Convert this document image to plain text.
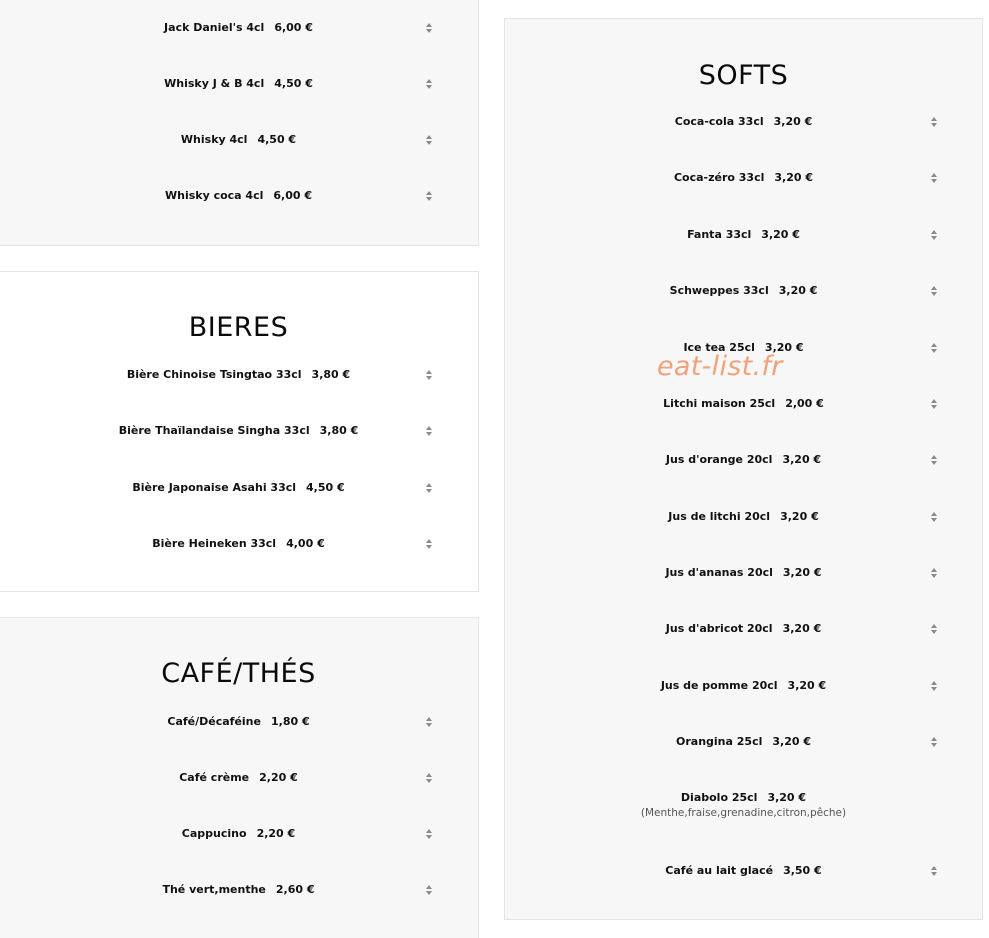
Jack Daniel's 4cl 6,00 €
Whisky J & B 4cl 4,50 €
Whisky 4cl 4,50 €
Whisky coca 4cl 6,00 €
BIERES
Bière Chinoise Tsingtao 33cl 3,80 €
Bière Thaïlandaise Singha 33cl 3,80 €
Bière Japonaise Asahi 33cl 4,50 €
Bière Heineken 33cl 4,00 €
CAFÉ/THÉS
Café/Décaféine 1,80 €
Café crème 2,20 €
Cappucino 2,20 €
Thé vert,menthe 2,60 €
SOFTS
Coca-cola 33cl 3,20 €
Coca-zéro 33cl 3,20 €
Fanta 33cl 3,20 €
Schweppes 33cl 3,20 €
Ice tea 25cl 3,20 €
Litchi maison 25cl 2,00 €
Jus d'orange 20cl 3,20 €
Jus de litchi 20cl 3,20 €
Jus d'ananas 20cl 3,20 €
Jus d'abricot 20cl 3,20 €
Jus de pomme 20cl 3,20 €
Orangina 25cl 3,20 €
Diabolo 25cl 3,20 €
(Menthe,fraise,grenadine,citron,pêche)
Café au lait glacé 3,50 €
eat-list.fr
